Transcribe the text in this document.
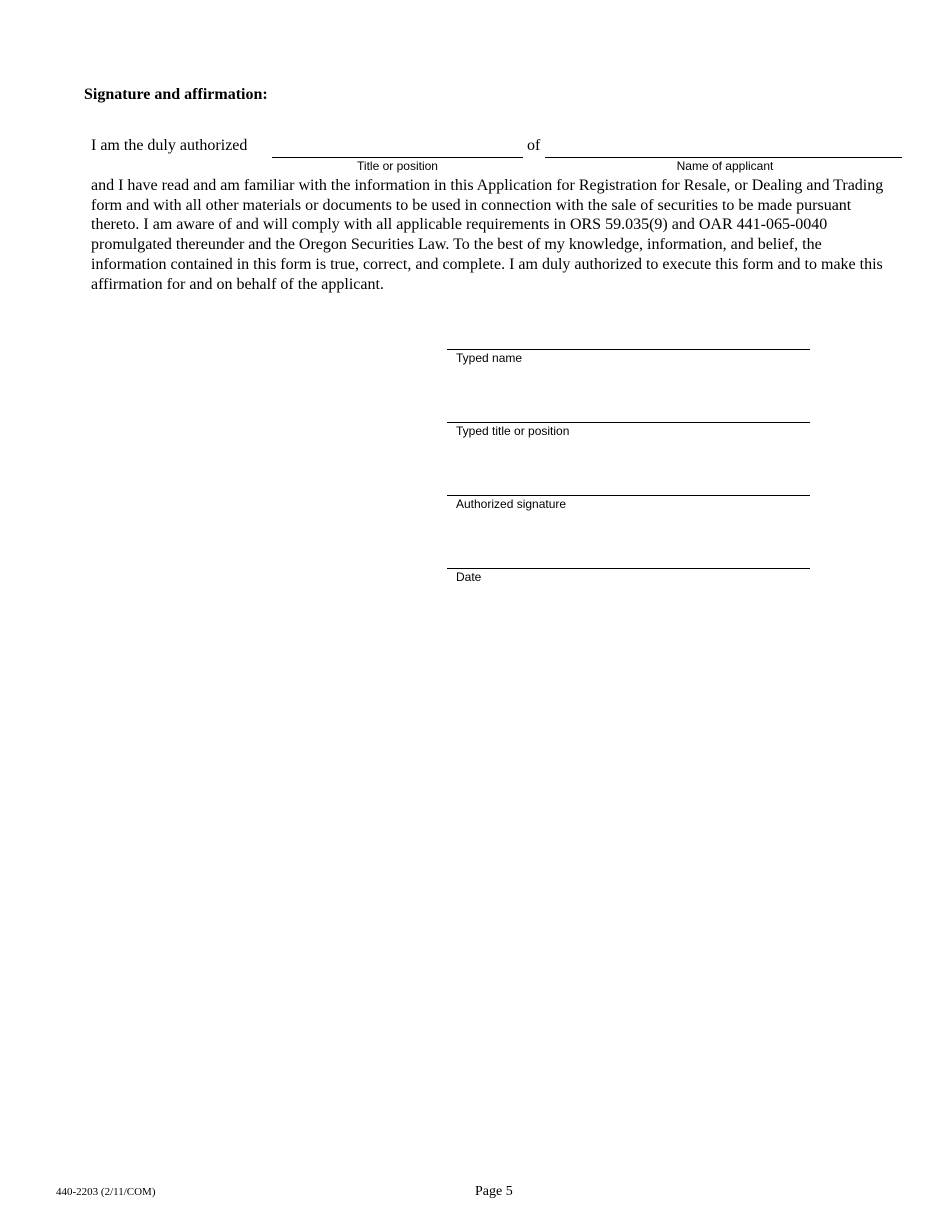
Signature and affirmation:
I am the duly authorized	of
Title or position	Name of applicant

and I have read and am familiar with the information in this Application for Registration for Resale, or Dealing and Trading form and with all other materials or documents to be used in connection with the sale of securities to be made pursuant thereto. I am aware of and will comply with all applicable requirements in ORS 59.035(9) and OAR 441-065-0040 promulgated thereunder and the Oregon Securities Law. To the best of my knowledge, information, and belief, the information contained in this form is true, correct, and complete. I am duly authorized to execute this form and to make this affirmation for and on behalf of the applicant.

Typed name
Typed title or position
Authorized signature
Date
440-2203 (2/11/COM)	Page 5
